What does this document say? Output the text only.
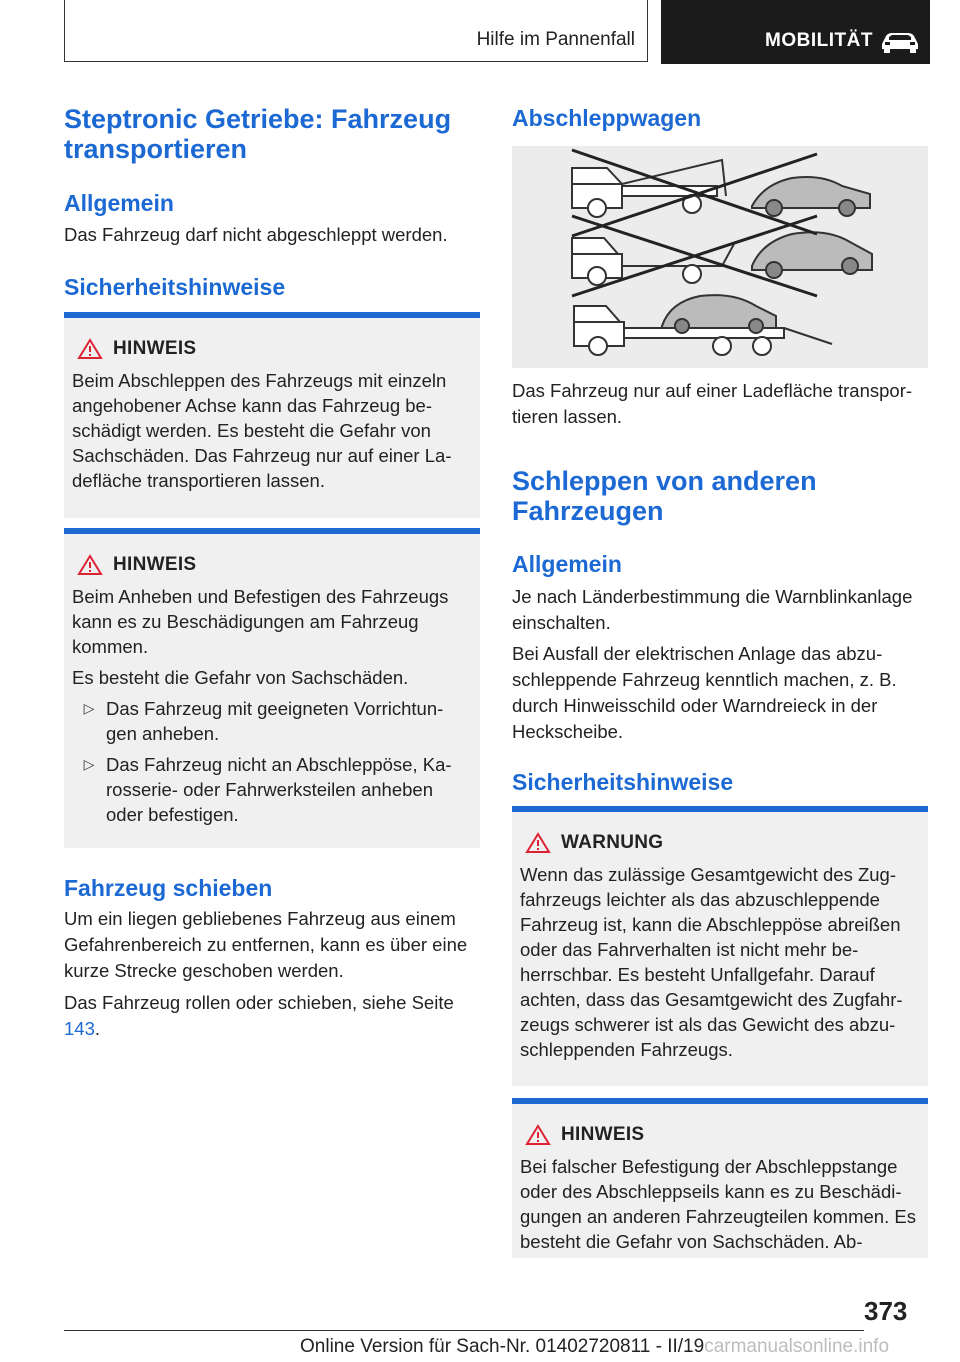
Hilfe im Pannenfall	MOBILITÄT
Steptronic Getriebe: Fahrzeug transportieren
Allgemein

Das Fahrzeug darf nicht abgeschleppt werden.

Sicherheitshinweise
HINWEIS

Beim Abschleppen des Fahrzeugs mit einzeln angehobener Achse kann das Fahrzeug be-schädigt werden. Es besteht die Gefahr von Sachschäden. Das Fahrzeug nur auf einer La-defläche transportieren lassen.

HINWEIS

Beim Anheben und Befestigen des Fahrzeugs kann es zu Beschädigungen am Fahrzeug kommen.

Es besteht die Gefahr von Sachschäden.

▷ Das Fahrzeug mit geeigneten Vorrichtun-gen anheben.
▷ Das Fahrzeug nicht an Abschleppöse, Ka-rosserie- oder Fahrwerksteilen anheben oder befestigen.
Fahrzeug schieben

Um ein liegen gebliebenes Fahrzeug aus einem Gefahrenbereich zu entfernen, kann es über eine kurze Strecke geschoben werden.

Das Fahrzeug rollen oder schieben, siehe Seite 143.

Abschleppwagen

Das Fahrzeug nur auf einer Ladefläche transpor-tieren lassen.

Schleppen von anderen Fahrzeugen
Allgemein

Je nach Länderbestimmung die Warnblinkanlage einschalten.

Bei Ausfall der elektrischen Anlage das abzu-schleppende Fahrzeug kenntlich machen, z. B. durch Hinweisschild oder Warndreieck in der Heckscheibe.

Sicherheitshinweise
WARNUNG

Wenn das zulässige Gesamtgewicht des Zug-fahrzeugs leichter als das abzuschleppende Fahrzeug ist, kann die Abschleppöse abreißen oder das Fahrverhalten ist nicht mehr be-herrschbar. Es besteht Unfallgefahr. Darauf achten, dass das Gesamtgewicht des Zugfahr-zeugs schwerer ist als das Gewicht des abzu-schleppenden Fahrzeugs.

HINWEIS

Bei falscher Befestigung der Abschleppstange oder des Abschleppseils kann es zu Beschädi-gungen an anderen Fahrzeugteilen kommen. Es besteht die Gefahr von Sachschäden. Ab-

373
Online Version für Sach-Nr. 01402720811 - II/19carmanualsonline.info
